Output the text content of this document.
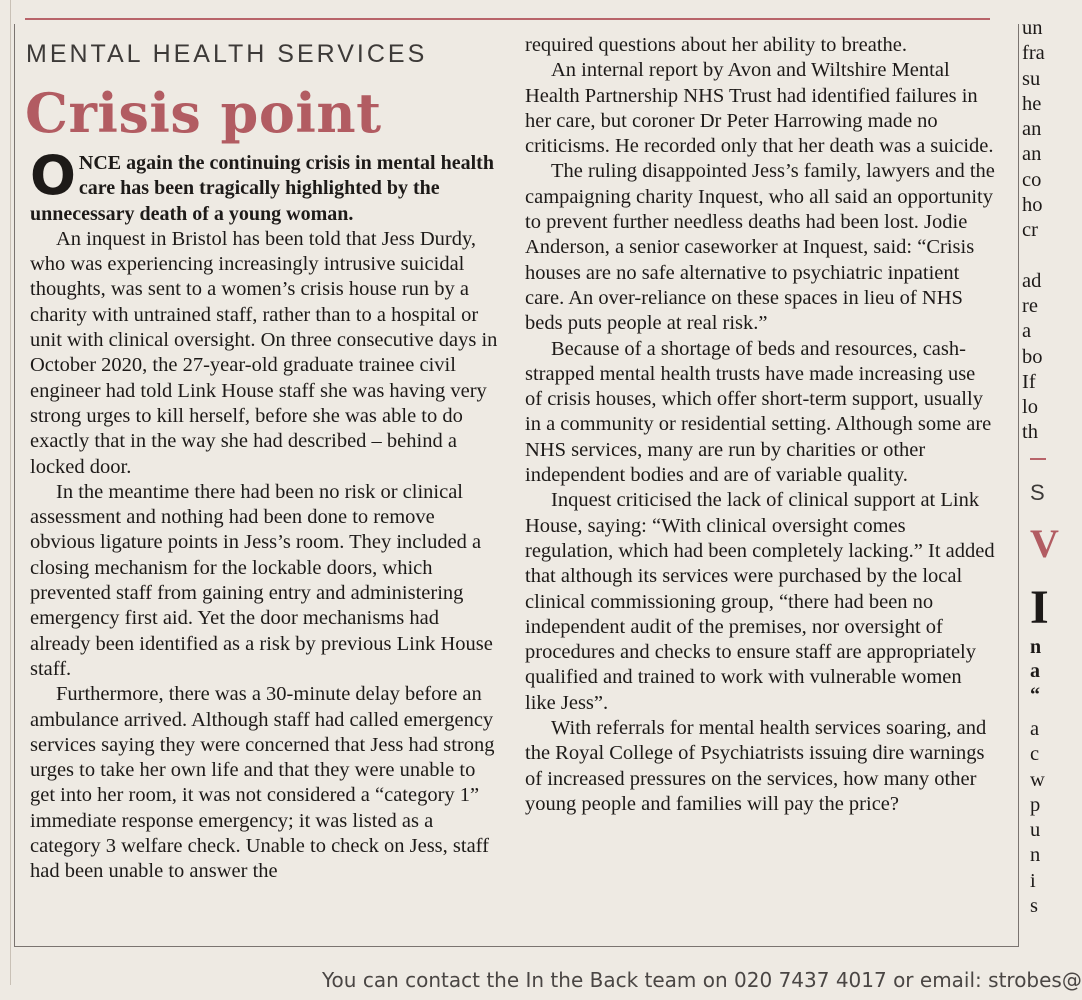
MENTAL HEALTH SERVICES
Crisis point

ONCE again the continuing crisis in mental health care has been tragically highlighted by the unnecessary death of a young woman.

An inquest in Bristol has been told that Jess Durdy, who was experiencing increasingly intrusive suicidal thoughts, was sent to a women’s crisis house run by a charity with untrained staff, rather than to a hospital or unit with clinical oversight. On three consecutive days in October 2020, the 27-year-old graduate trainee civil engineer had told Link House staff she was having very strong urges to kill herself, before she was able to do exactly that in the way she had described – behind a locked door.

In the meantime there had been no risk or clinical assessment and nothing had been done to remove obvious ligature points in Jess’s room. They included a closing mechanism for the lockable doors, which prevented staff from gaining entry and administering emergency first aid. Yet the door mechanisms had already been identified as a risk by previous Link House staff.

Furthermore, there was a 30-minute delay before an ambulance arrived. Although staff had called emergency services saying they were concerned that Jess had strong urges to take her own life and that they were unable to get into her room, it was not considered a “category 1” immediate response emergency; it was listed as a category 3 welfare check. Unable to check on Jess, staff had been unable to answer the

required questions about her ability to breathe.

An internal report by Avon and Wiltshire Mental Health Partnership NHS Trust had identified failures in her care, but coroner Dr Peter Harrowing made no criticisms. He recorded only that her death was a suicide.

The ruling disappointed Jess’s family, lawyers and the campaigning charity Inquest, who all said an opportunity to prevent further needless deaths had been lost. Jodie Anderson, a senior caseworker at Inquest, said: “Crisis houses are no safe alternative to psychiatric inpatient care. An over-reliance on these spaces in lieu of NHS beds puts people at real risk.”

Because of a shortage of beds and resources, cash-strapped mental health trusts have made increasing use of crisis houses, which offer short-term support, usually in a community or residential setting. Although some are NHS services, many are run by charities or other independent bodies and are of variable quality.

Inquest criticised the lack of clinical support at Link House, saying: “With clinical oversight comes regulation, which had been completely lacking.” It added that although its services were purchased by the local clinical commissioning group, “there had been no independent audit of the premises, nor oversight of procedures and checks to ensure staff are appropriately qualified and trained to work with vulnerable women like Jess”.

With referrals for mental health services soaring, and the Royal College of Psychiatrists issuing dire warnings of increased pressures on the services, how many other young people and families will pay the price?

un
fra
su
he
an
an
co
ho
cr
ad
re
a
bo
If
lo
th
S
V
I
n
a
“
a
c
w
p
u
n
i
s
You can contact the In the Back team on 020 7437 4017 or email: strobes@
